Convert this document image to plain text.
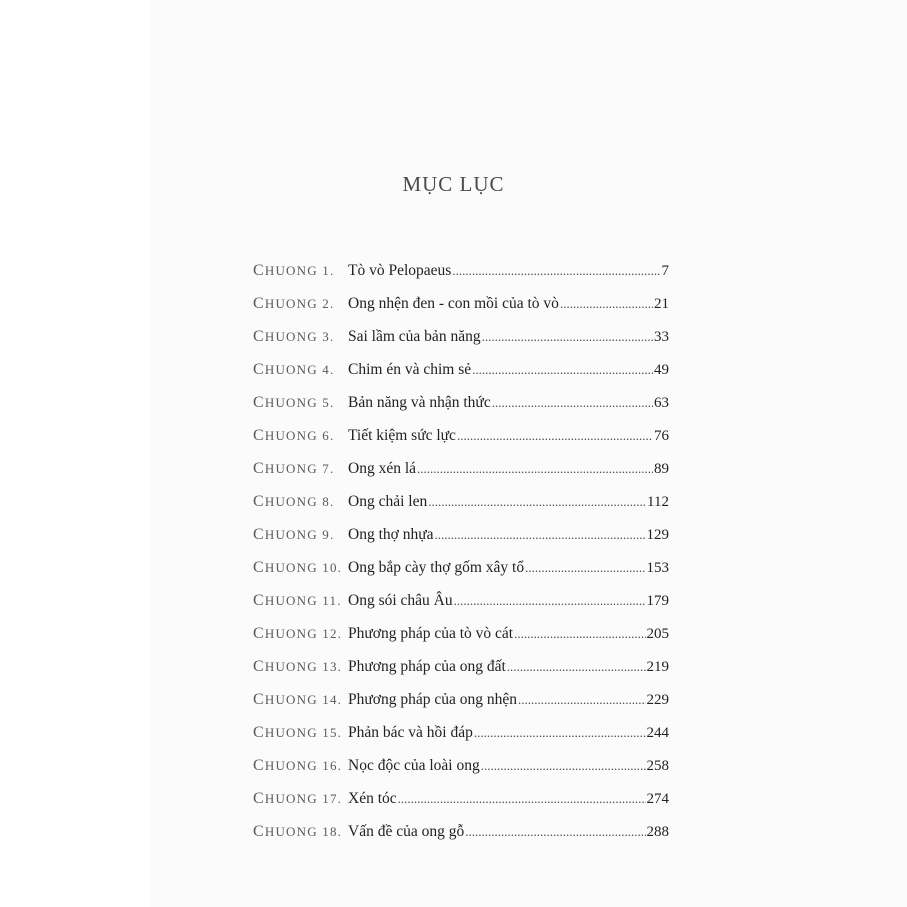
MỤC LỤC
CHUONG 1. Tò vò Pelopaeus .....	7
CHUONG 2. Ong nhện đen - con mồi của tò vò .....	21
CHUONG 3. Sai lầm của bản năng .....	33
CHUONG 4. Chim én và chim sẻ .....	49
CHUONG 5. Bản năng và nhận thức .....	63
CHUONG 6. Tiết kiệm sức lực .....	76
CHUONG 7. Ong xén lá .....	89
CHUONG 8. Ong chải len .....	112
CHUONG 9. Ong thợ nhựa .....	129
CHUONG 10. Ong bắp cày thợ gốm xây tổ .....	153
CHUONG 11. Ong sói châu Âu .....	179
CHUONG 12. Phương pháp của tò vò cát .....	205
CHUONG 13. Phương pháp của ong đất .....	219
CHUONG 14. Phương pháp của ong nhện .....	229
CHUONG 15. Phản bác và hồi đáp .....	244
CHUONG 16. Nọc độc của loài ong .....	258
CHUONG 17. Xén tóc .....	274
CHUONG 18. Vấn đề của ong gỗ .....	288
